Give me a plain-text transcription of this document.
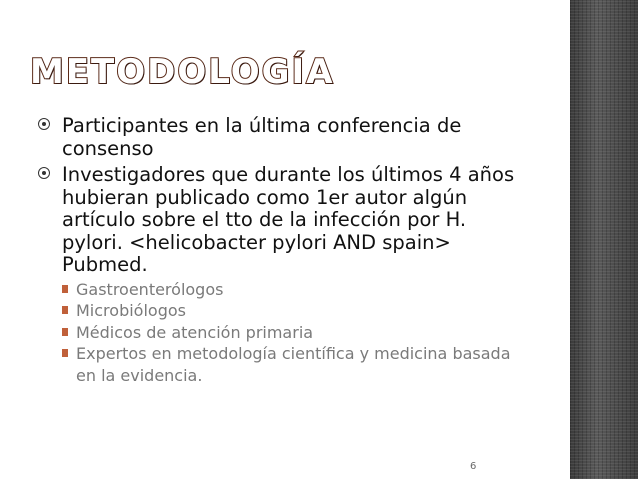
METODOLOGÍA
Participantes en la última conferencia de consenso
Investigadores que durante los últimos 4 años hubieran publicado como 1er autor algún artículo sobre el tto de la infección por H. pylori. <helicobacter pylori AND spain> Pubmed.
Gastroenterólogos
Microbiólogos
Médicos de atención primaria
Expertos en metodología científica y medicina basada en la evidencia.
6
